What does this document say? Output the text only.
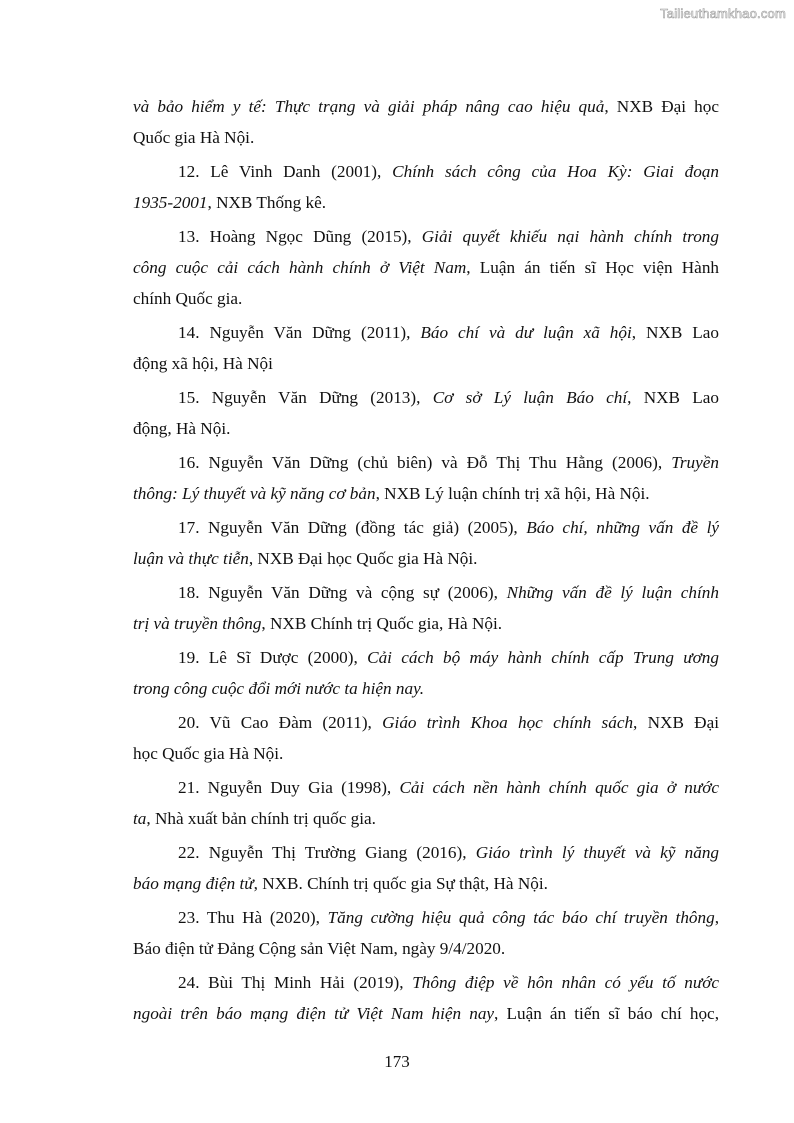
Tailieuthamkhao.com
và bảo hiểm y tế: Thực trạng và giải pháp nâng cao hiệu quả, NXB Đại học
Quốc gia Hà Nội.
12. Lê Vinh Danh (2001), Chính sách công của Hoa Kỳ: Giai đoạn
1935-2001, NXB Thống kê.
13. Hoàng Ngọc Dũng (2015), Giải quyết khiếu nại hành chính trong
công cuộc cải cách hành chính ở Việt Nam, Luận án tiến sĩ Học viện Hành
chính Quốc gia.
14. Nguyễn Văn Dững (2011), Báo chí và dư luận xã hội, NXB Lao
động xã hội, Hà Nội
15. Nguyễn Văn Dững (2013), Cơ sở Lý luận Báo chí, NXB Lao
động, Hà Nội.
16. Nguyễn Văn Dững (chủ biên) và Đỗ Thị Thu Hằng (2006), Truyền
thông: Lý thuyết và kỹ năng cơ bản, NXB Lý luận chính trị xã hội, Hà Nội.
17. Nguyễn Văn Dững (đồng tác giả) (2005), Báo chí, những vấn đề lý
luận và thực tiễn, NXB Đại học Quốc gia Hà Nội.
18. Nguyễn Văn Dững và cộng sự (2006), Những vấn đề lý luận chính
trị và truyền thông, NXB Chính trị Quốc gia, Hà Nội.
19. Lê Sĩ Dược (2000), Cải cách bộ máy hành chính cấp Trung ương
trong công cuộc đổi mới nước ta hiện nay.
20. Vũ Cao Đàm (2011), Giáo trình Khoa học chính sách, NXB Đại
học Quốc gia Hà Nội.
21. Nguyễn Duy Gia (1998), Cải cách nền hành chính quốc gia ở nước
ta, Nhà xuất bản chính trị quốc gia.
22. Nguyễn Thị Trường Giang (2016), Giáo trình lý thuyết và kỹ năng
báo mạng điện tử, NXB. Chính trị quốc gia Sự thật, Hà Nội.
23. Thu Hà (2020), Tăng cường hiệu quả công tác báo chí truyền thông,
Báo điện tử Đảng Cộng sản Việt Nam, ngày 9/4/2020.
24. Bùi Thị Minh Hải (2019), Thông điệp về hôn nhân có yếu tố nước
ngoài trên báo mạng điện tử Việt Nam hiện nay, Luận án tiến sĩ báo chí học,
173
